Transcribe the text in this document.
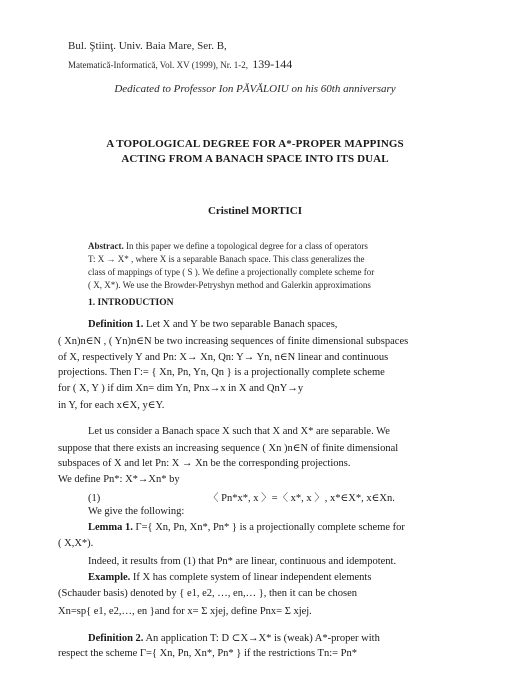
Bul. Ştiinţ. Univ. Baia Mare, Ser. B,
Matematică-Informatică, Vol. XV (1999), Nr. 1-2, 139-144
Dedicated to Professor Ion PĂVĂLOIU on his 60th anniversary
A TOPOLOGICAL DEGREE FOR A*-PROPER MAPPINGS
ACTING FROM A BANACH SPACE INTO ITS DUAL
Cristinel MORTICI
Abstract. In this paper we define a topological degree for a class of operators
T: X → X* , where X is a separable Banach space. This class generalizes the
class of mappings of type ( S ). We define a projectionally complete scheme for
( X, X*). We use the Browder-Petryshyn method and Galerkin approximations
1. INTRODUCTION
Definition 1. Let X and Y be two separable Banach spaces,
( Xn)n∈N , ( Yn)n∈N be two increasing sequences of finite dimensional subspaces
of X, respectively Y and Pn: X→ Xn, Qn: Y→ Yn, n∈N linear and continuous
projections. Then Γ:= { Xn, Pn, Yn, Qn } is a projectionally complete scheme
for ( X, Y ) if dim Xn= dim Yn, Pnx→x in X and QnY→y
in Y, for each x∈X, y∈Y.
Let us consider a Banach space X such that X and X* are separable. We
suppose that there exists an increasing sequence ( Xn )n∈N of finite dimensional
subspaces of X and let Pn: X → Xn be the corresponding projections.
We define Pn*: X*→Xn* by
(1)	〈 Pn*x*, x 〉=〈 x*, x 〉, x*∈X*, x∈Xn.
We give the following:
Lemma 1. Γ={ Xn, Pn, Xn*, Pn* } is a projectionally complete scheme for
( X,X*).
Indeed, it results from (1) that Pn* are linear, continuous and idempotent.
Example. If X has complete system of linear independent elements
(Schauder basis) denoted by { e1, e2, …, en,… }, then it can be chosen
Xn=sp{ e1, e2,…, en }and for x= Σ xjej, define Pnx= Σ xjej.
Definition 2. An application T: D ⊂X→X* is (weak) A*-proper with
respect the scheme Γ={ Xn, Pn, Xn*, Pn* } if the restrictions Tn:= Pn*
